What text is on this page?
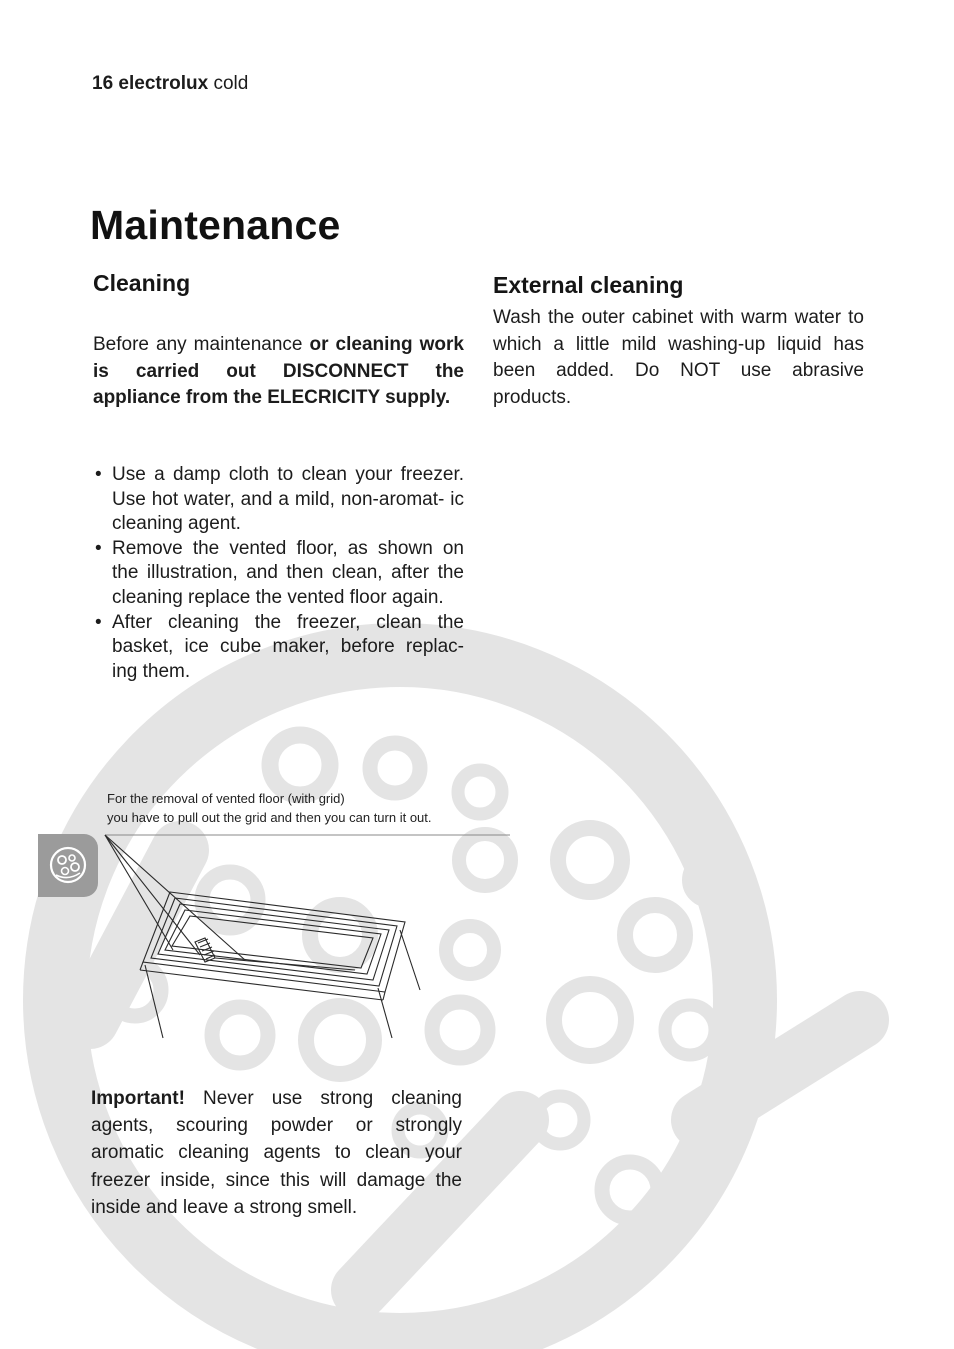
16 electrolux cold
Maintenance
Cleaning

Before any maintenance or cleaning work is carried out DISCONNECT the appliance from the ELECRICITY supply.

• Use a damp cloth to clean your freezer. Use hot water, and a mild, non-aromat- ic cleaning agent.
• Remove the vented floor, as shown on the illustration, and then clean, after the cleaning replace the vented floor again.
• After cleaning the freezer, clean the basket, ice cube maker, before replac- ing them.
External cleaning

Wash the outer cabinet with warm water to which a little mild washing-up liquid has been added. Do NOT use abrasive products.

For the removal of vented floor (with grid)
you have to pull out the grid and then you can turn it out.

Important! Never use strong cleaning agents, scouring powder or strongly aromatic cleaning agents to clean your freezer inside, since this will damage the inside and leave a strong smell.
